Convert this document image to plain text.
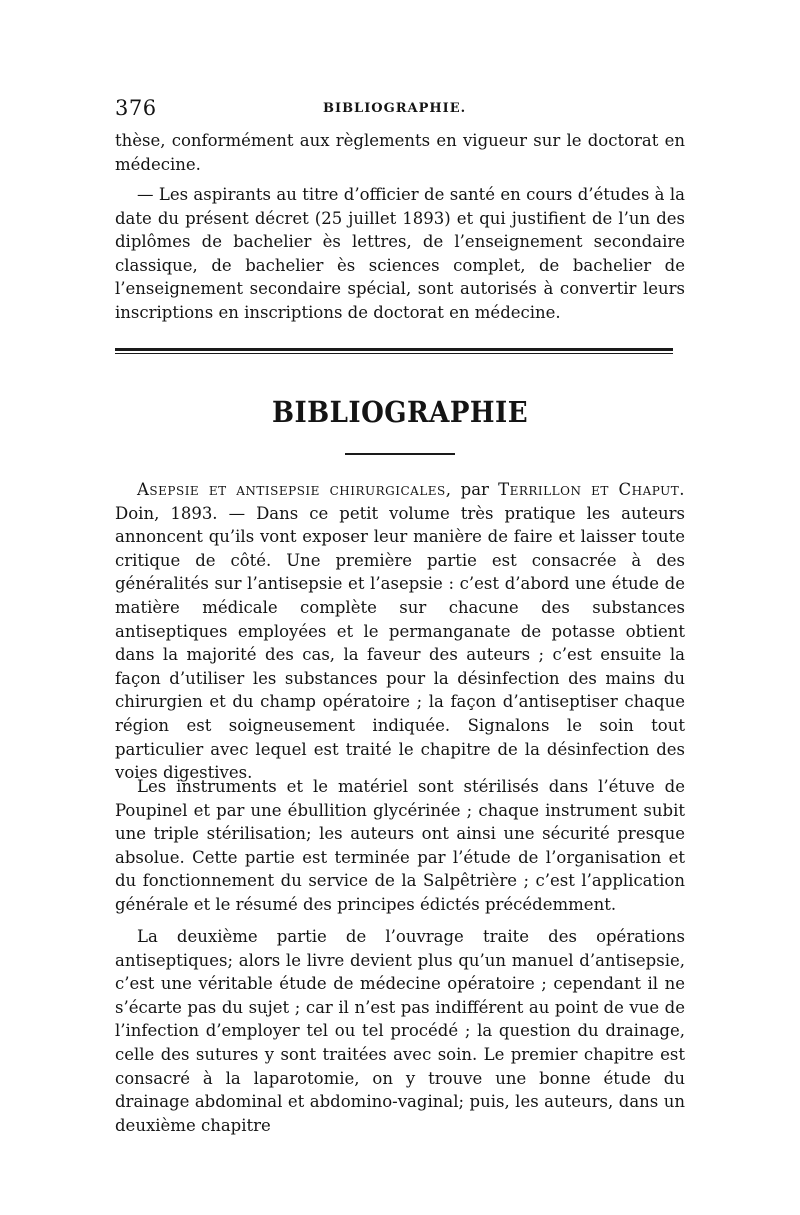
376	BIBLIOGRAPHIE.

thèse, conformément aux règlements en vigueur sur le doctorat en médecine.

— Les aspirants au titre d’officier de santé en cours d’études à la date du présent décret (25 juillet 1893) et qui justifient de l’un des diplômes de bachelier ès lettres, de l’enseignement secondaire classique, de bachelier ès sciences complet, de bachelier de l’enseignement secondaire spécial, sont autorisés à convertir leurs inscriptions en inscriptions de doctorat en médecine.

BIBLIOGRAPHIE

Asepsie et antisepsie chirurgicales, par Terrillon et Chaput. Doin, 1893. — Dans ce petit volume très pratique les auteurs annoncent qu’ils vont exposer leur manière de faire et laisser toute critique de côté. Une première partie est consacrée à des généralités sur l’antisepsie et l’asepsie : c’est d’abord une étude de matière médicale complète sur chacune des substances antiseptiques employées et le permanganate de potasse obtient dans la majorité des cas, la faveur des auteurs ; c’est ensuite la façon d’utiliser les substances pour la désinfection des mains du chirurgien et du champ opératoire ; la façon d’antiseptiser chaque région est soigneusement indiquée. Signalons le soin tout particulier avec lequel est traité le chapitre de la désinfection des voies digestives.

Les instruments et le matériel sont stérilisés dans l’étuve de Poupinel et par une ébullition glycérinée ; chaque instrument subit une triple stérilisation; les auteurs ont ainsi une sécurité presque absolue. Cette partie est terminée par l’étude de l’organisation et du fonctionnement du service de la Salpêtrière ; c’est l’application générale et le résumé des principes édictés précédemment.

La deuxième partie de l’ouvrage traite des opérations antiseptiques; alors le livre devient plus qu’un manuel d’antisepsie, c’est une véritable étude de médecine opératoire ; cependant il ne s’écarte pas du sujet ; car il n’est pas indifférent au point de vue de l’infection d’employer tel ou tel procédé ; la question du drainage, celle des sutures y sont traitées avec soin. Le premier chapitre est consacré à la laparotomie, on y trouve une bonne étude du drainage abdominal et abdomino-vaginal; puis, les auteurs, dans un deuxième chapitre
